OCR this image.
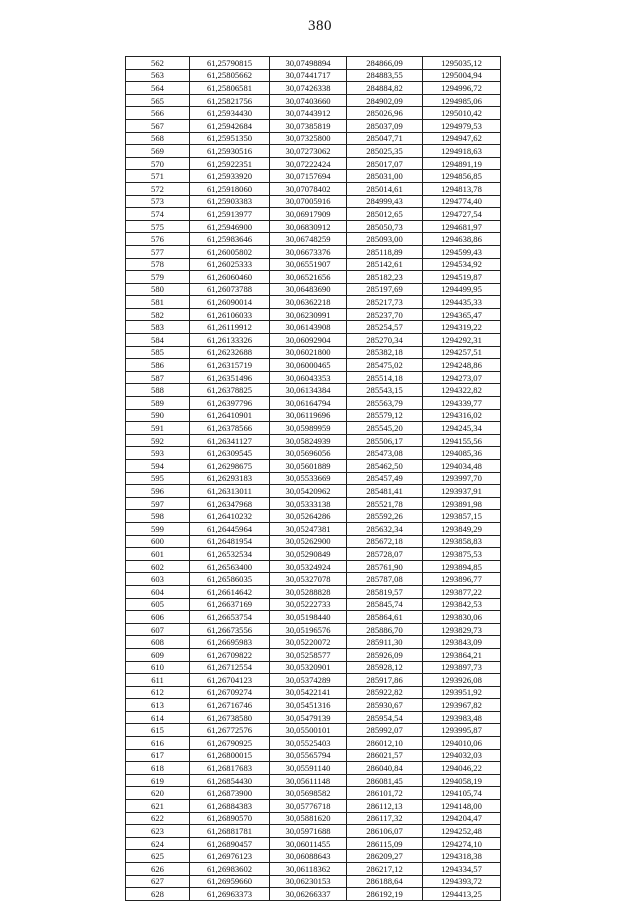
380
562	61,25790815	30,07498894	284866,09	1295035,12
563	61,25805662	30,07441717	284883,55	1295004,94
564	61,25806581	30,07426338	284884,82	1294996,72
565	61,25821756	30,07403660	284902,09	1294985,06
566	61,25934430	30,07443912	285026,96	1295010,42
567	61,25942684	30,07385819	285037,09	1294979,53
568	61,25951350	30,07325800	285047,71	1294947,62
569	61,25930516	30,07273062	285025,35	1294918,63
570	61,25922351	30,07222424	285017,07	1294891,19
571	61,25933920	30,07157694	285031,00	1294856,85
572	61,25918060	30,07078402	285014,61	1294813,78
573	61,25903383	30,07005916	284999,43	1294774,40
574	61,25913977	30,06917909	285012,65	1294727,54
575	61,25946900	30,06830912	285050,73	1294681,97
576	61,25983646	30,06748259	285093,00	1294638,86
577	61,26005802	30,06673376	285118,89	1294599,43
578	61,26025333	30,06551907	285142,61	1294534,92
579	61,26060460	30,06521656	285182,23	1294519,87
580	61,26073788	30,06483690	285197,69	1294499,95
581	61,26090014	30,06362218	285217,73	1294435,33
582	61,26106033	30,06230991	285237,70	1294365,47
583	61,26119912	30,06143908	285254,57	1294319,22
584	61,26133326	30,06092904	285270,34	1294292,31
585	61,26232688	30,06021800	285382,18	1294257,51
586	61,26315719	30,06000465	285475,02	1294248,86
587	61,26351496	30,06043353	285514,18	1294273,07
588	61,26378825	30,06134384	285543,15	1294322,82
589	61,26397796	30,06164794	285563,79	1294339,77
590	61,26410901	30,06119696	285579,12	1294316,02
591	61,26378566	30,05989959	285545,20	1294245,34
592	61,26341127	30,05824939	285506,17	1294155,56
593	61,26309545	30,05696056	285473,08	1294085,36
594	61,26298675	30,05601889	285462,50	1294034,48
595	61,26293183	30,05533669	285457,49	1293997,70
596	61,26313011	30,05420962	285481,41	1293937,91
597	61,26347968	30,05333138	285521,78	1293891,98
598	61,26410232	30,05264286	285592,26	1293857,15
599	61,26445964	30,05247381	285632,34	1293849,29
600	61,26481954	30,05262900	285672,18	1293858,83
601	61,26532534	30,05290849	285728,07	1293875,53
602	61,26563400	30,05324924	285761,90	1293894,85
603	61,26586035	30,05327078	285787,08	1293896,77
604	61,26614642	30,05288828	285819,57	1293877,22
605	61,26637169	30,05222733	285845,74	1293842,53
606	61,26653754	30,05198440	285864,61	1293830,06
607	61,26673556	30,05196576	285886,70	1293829,73
608	61,26695983	30,05220072	285911,30	1293843,09
609	61,26709822	30,05258577	285926,09	1293864,21
610	61,26712554	30,05320901	285928,12	1293897,73
611	61,26704123	30,05374289	285917,86	1293926,08
612	61,26709274	30,05422141	285922,82	1293951,92
613	61,26716746	30,05451316	285930,67	1293967,82
614	61,26738580	30,05479139	285954,54	1293983,48
615	61,26772576	30,05500101	285992,07	1293995,87
616	61,26790925	30,05525403	286012,10	1294010,06
617	61,26800015	30,05565794	286021,57	1294032,03
618	61,26817683	30,05591140	286040,84	1294046,22
619	61,26854430	30,05611148	286081,45	1294058,19
620	61,26873900	30,05698582	286101,72	1294105,74
621	61,26884383	30,05776718	286112,13	1294148,00
622	61,26890570	30,05881620	286117,32	1294204,47
623	61,26881781	30,05971688	286106,07	1294252,48
624	61,26890457	30,06011455	286115,09	1294274,10
625	61,26976123	30,06088643	286209,27	1294318,38
626	61,26983602	30,06118362	286217,12	1294334,57
627	61,26959660	30,06230153	286188,64	1294393,72
628	61,26963373	30,06266337	286192,19	1294413,25
